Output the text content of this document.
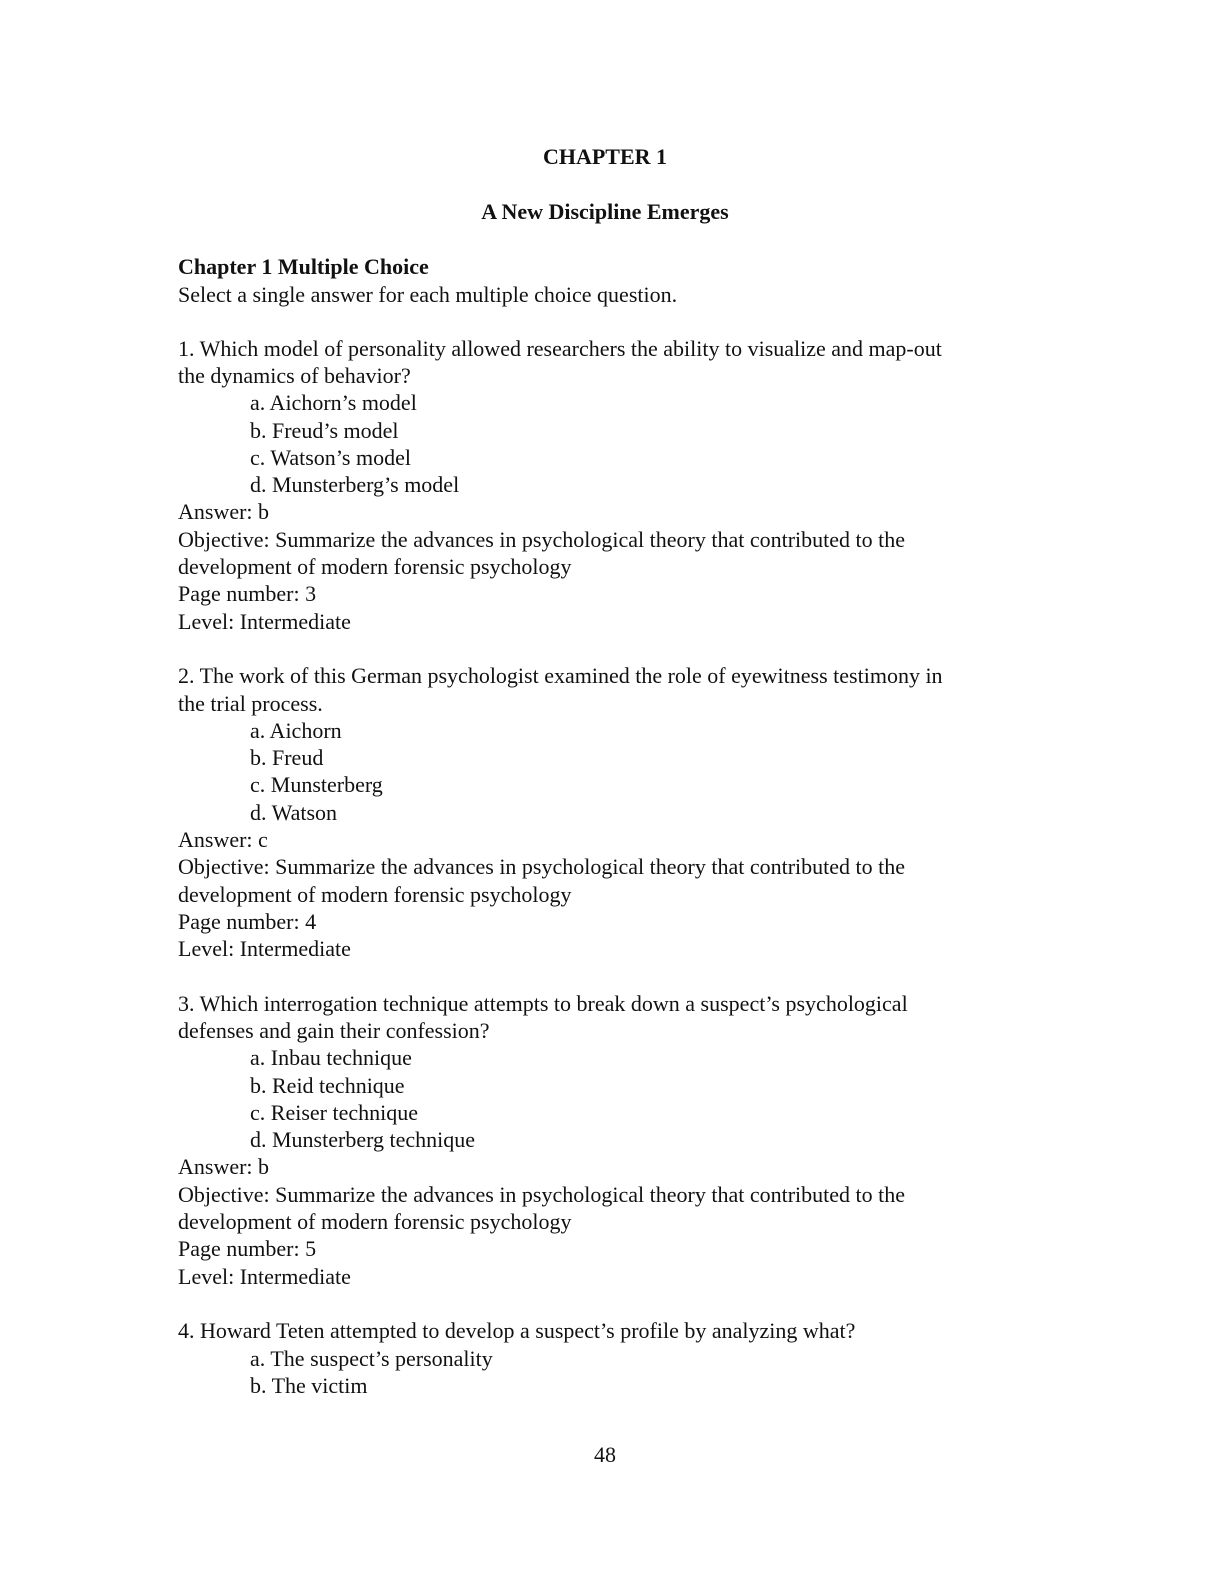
CHAPTER 1
A New Discipline Emerges
Chapter 1 Multiple Choice
Select a single answer for each multiple choice question.
1. Which model of personality allowed researchers the ability to visualize and map-out
the dynamics of behavior?
a. Aichorn’s model
b. Freud’s model
c. Watson’s model
d. Munsterberg’s model
Answer: b
Objective: Summarize the advances in psychological theory that contributed to the
development of modern forensic psychology
Page number: 3
Level: Intermediate
2. The work of this German psychologist examined the role of eyewitness testimony in
the trial process.
a. Aichorn
b. Freud
c. Munsterberg
d. Watson
Answer: c
Objective: Summarize the advances in psychological theory that contributed to the
development of modern forensic psychology
Page number: 4
Level: Intermediate
3. Which interrogation technique attempts to break down a suspect’s psychological
defenses and gain their confession?
a. Inbau technique
b. Reid technique
c. Reiser technique
d. Munsterberg technique
Answer: b
Objective: Summarize the advances in psychological theory that contributed to the
development of modern forensic psychology
Page number: 5
Level: Intermediate
4. Howard Teten attempted to develop a suspect’s profile by analyzing what?
a. The suspect’s personality
b. The victim
48
